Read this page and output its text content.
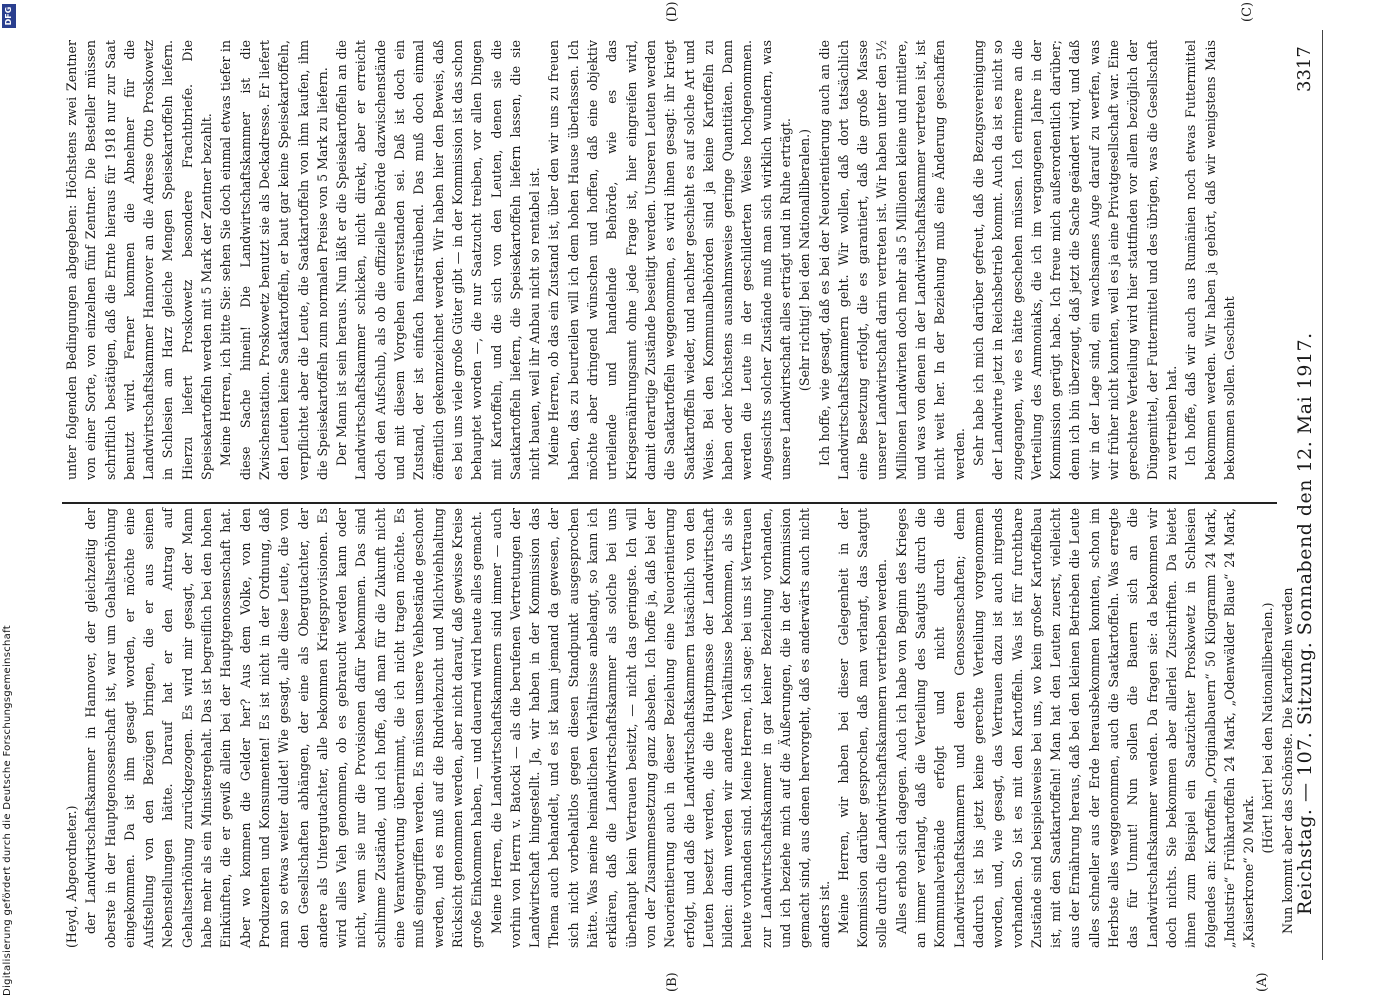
Digitalisierung gefördert durch die Deutsche Forschungsgemeinschaft
DFG
(A)
(B)
(C)
(D)

(Heyd, Abgeordneter.) der Landwirtschaftskammer in Hannover, der gleichzeitig der oberste in der Hauptgenossenschaft ist, war um Gehaltserhöhung eingekommen. Da ist ihm gesagt worden, er möchte eine Aufstellung von den Bezügen bringen, die er aus seinen Nebenstellungen hätte. Darauf hat er den Antrag auf Gehaltserhöhung zurückgezogen. Es wird mir gesagt, der Mann habe mehr als ein Ministergehalt. Das ist begreiflich bei den hohen Einkünften, die er gewiß allein bei der Hauptgenossenschaft hat. Aber wo kommen die Gelder her? Aus dem Volke, von den Produzenten und Konsumenten! Es ist nicht in der Ordnung, daß man so etwas weiter duldet! Wie gesagt, alle diese Leute, die von den Gesellschaften abhängen, der eine als Obergutachter, der andere als Untergutachter, alle bekommen Kriegsprovisionen. Es wird alles Vieh genommen, ob es gebraucht werden kann oder nicht, wenn sie nur die Provisionen dafür bekommen. Das sind schlimme Zustände, und ich hoffe, daß man für die Zukunft nicht eine Verantwortung übernimmt, die ich nicht tragen möchte. Es muß eingegriffen werden. Es müssen unsere Viehbestände geschont werden, und es muß auf die Rindviehzucht und Milchviehhaltung Rücksicht genommen werden, aber nicht darauf, daß gewisse Kreise große Einkommen haben, — und dauernd wird heute alles gemacht. Meine Herren, die Landwirtschaftskammern sind immer — auch vorhin von Herrn v. Batocki — als die berufenen Vertretungen der Landwirtschaft hingestellt. Ja, wir haben in der Kommission das Thema auch behandelt, und es ist kaum jemand da gewesen, der sich nicht vorbehaltlos gegen diesen Standpunkt ausgesprochen hätte. Was meine heimatlichen Verhältnisse anbelangt, so kann ich erklären, daß die Landwirtschaftskammer als solche bei uns überhaupt kein Vertrauen besitzt, — nicht das geringste. Ich will von der Zusammensetzung ganz absehen. Ich hoffe ja, daß bei der Neuorientierung auch in dieser Beziehung eine Neuorientierung erfolgt, und daß die Landwirtschaftskammern tatsächlich von den Leuten besetzt werden, die die Hauptmasse der Landwirtschaft bilden: dann werden wir andere Verhältnisse bekommen, als sie heute vorhanden sind. Meine Herren, ich sage: bei uns ist Vertrauen zur Landwirtschaftskammer in gar keiner Beziehung vorhanden, und ich beziehe mich auf die Äußerungen, die in der Kommission gemacht sind, aus denen hervorgeht, daß es anderwärts auch nicht anders ist. Meine Herren, wir haben bei dieser Gelegenheit in der Kommission darüber gesprochen, daß man verlangt, das Saatgut solle durch die Landwirtschaftskammern vertrieben werden. Alles erhob sich dagegen. Auch ich habe von Beginn des Krieges an immer verlangt, daß die Verteilung des Saatguts durch die Kommunalverbände erfolgt und nicht durch die Landwirtschaftskammern und deren Genossenschaften; denn dadurch ist bis jetzt keine gerechte Verteilung vorgenommen worden, und, wie gesagt, das Vertrauen dazu ist auch nirgends vorhanden. So ist es mit den Kartoffeln. Was ist für furchtbare Zustände sind beispielsweise bei uns, wo kein großer Kartoffelbau ist, mit den Saatkartoffeln! Man hat den Leuten zuerst, vielleicht aus der Ernährung heraus, daß bei den kleinen Betrieben die Leute alles schneller aus der Erde herausbekommen konnten, schon im Herbste alles weggenommen, auch die Saatkartoffeln. Was erregte das für Unmut! Nun sollen die Bauern sich an die Landwirtschaftskammer wenden. Da fragen sie: da bekommen wir doch nichts. Sie bekommen aber allerlei Zuschriften. Da bietet ihnen zum Beispiel ein Saatzüchter Proskowetz in Schlesien folgendes an: Kartoffeln „Originalbauern“ 50 Kilogramm 24 Mark, „Industrie“ Frühkartoffeln 24 Mark, „Odenwälder Blaue“ 24 Mark, „Kaiserkrone“ 20 Mark.

(Hört! hört! bei den Nationalliberalen.) Nun kommt aber das Schönste. Die Kartoffeln werden

unter folgenden Bedingungen abgegeben: Höchstens zwei Zentner von einer Sorte, von einzelnen fünf Zentner. Die Besteller müssen schriftlich bestätigen, daß die Ernte hieraus für 1918 nur zur Saat benutzt wird. Ferner kommen die Abnehmer für die Landwirtschaftskammer Hannover an die Adresse Otto Proskowetz in Schlesien am Harz gleiche Mengen Speisekartoffeln liefern. Hierzu liefert Proskowetz besondere Frachtbriefe. Die Speisekartoffeln werden mit 5 Mark der Zentner bezahlt. Meine Herren, ich bitte Sie: sehen Sie doch einmal etwas tiefer in diese Sache hinein! Die Landwirtschaftskammer ist die Zwischenstation. Proskowetz benutzt sie als Deckadresse. Er liefert den Leuten keine Saatkartoffeln, er baut gar keine Speisekartoffeln, verpflichtet aber die Leute, die Saatkartoffeln von ihm kaufen, ihm die Speisekartoffeln zum normalen Preise von 5 Mark zu liefern. Der Mann ist sein heraus. Nun läßt er die Speisekartoffeln an die Landwirtschaftskammer schicken, nicht direkt, aber er erreicht doch den Aufschub, als ob die offizielle Behörde dazwischenstände und mit diesem Vorgehen einverstanden sei. Daß ist doch ein Zustand, der ist einfach haarsträubend. Das muß doch einmal öffentlich gekennzeichnet werden. Wir haben hier den Beweis, daß es bei uns viele große Güter gibt — in der Kommission ist das schon behauptet worden —, die nur Saatzucht treiben, vor allen Dingen mit Kartoffeln, und die sich von den Leuten, denen sie die Saatkartoffeln liefern, die Speisekartoffeln liefern lassen, die sie nicht bauen, weil ihr Anbau nicht so rentabel ist. Meine Herren, ob das ein Zustand ist, über den wir uns zu freuen haben, das zu beurteilen will ich dem hohen Hause überlassen. Ich möchte aber dringend wünschen und hoffen, daß eine objektiv urteilende und handelnde Behörde, wie es das Kriegsernährungsamt ohne jede Frage ist, hier eingreifen wird, damit derartige Zustände beseitigt werden. Unseren Leuten werden die Saatkartoffeln weggenommen, es wird ihnen gesagt: ihr kriegt Saatkartoffeln wieder, und nachher geschieht es auf solche Art und Weise. Bei den Kommunalbehörden sind ja keine Kartoffeln zu haben oder höchstens ausnahmsweise geringe Quantitäten. Dann werden die Leute in der geschilderten Weise hochgenommen. Angesichts solcher Zustände muß man sich wirklich wundern, was unsere Landwirtschaft alles erträgt und in Ruhe erträgt. (Sehr richtig! bei den Nationalliberalen.) Ich hoffe, wie gesagt, daß es bei der Neuorientierung auch an die Landwirtschaftskammern geht. Wir wollen, daß dort tatsächlich eine Besetzung erfolgt, die es garantiert, daß die große Masse unserer Landwirtschaft darin vertreten ist. Wir haben unter den 5½ Millionen Landwirten doch mehr als 5 Millionen kleine und mittlere, und was von denen in der Landwirtschaftskammer vertreten ist, ist nicht weit her. In der Beziehung muß eine Änderung geschaffen werden. Sehr habe ich mich darüber gefreut, daß die Bezugsvereinigung der Landwirte jetzt in Reichsbetrieb kommt. Auch da ist es nicht so zugegangen, wie es hätte geschehen müssen. Ich erinnere an die Verteilung des Ammoniaks, die ich im vergangenen Jahre in der Kommission gerügt habe. Ich freue mich außerordentlich darüber; denn ich bin überzeugt, daß jetzt die Sache geändert wird, und daß wir in der Lage sind, ein wachsames Auge darauf zu werfen, was wir früher nicht konnten, weil es ja eine Privatgesellschaft war. Eine gerechtere Verteilung wird hier stattfinden vor allem bezüglich der Düngemittel, der Futtermittel und des übrigen, was die Gesellschaft zu vertreiben hat. Ich hoffe, daß wir auch aus Rumänien noch etwas Futtermittel bekommen werden. Wir haben ja gehört, daß wir wenigstens Mais bekommen sollen. Geschieht	Reichstag. — 107. Sitzung. Sonnabend den 12. Mai 1917.
3317
